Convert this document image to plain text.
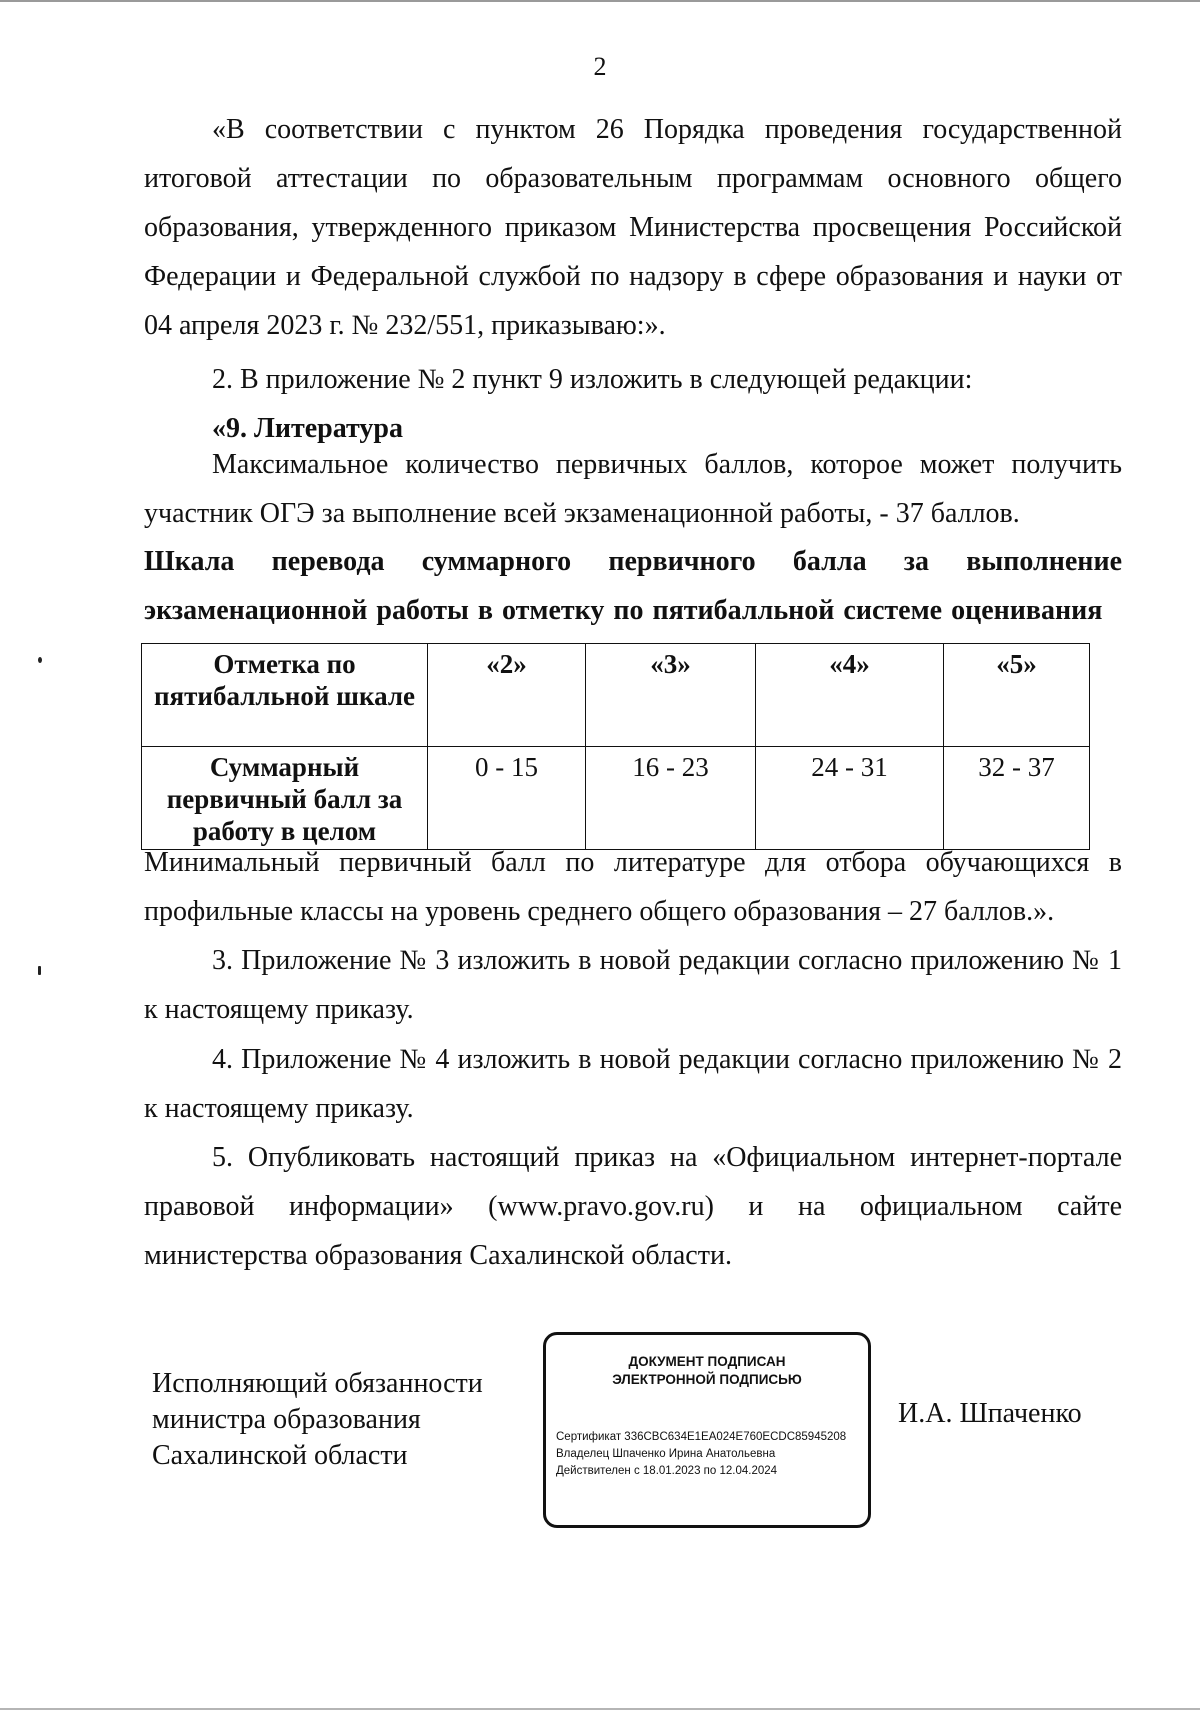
2

«В соответствии с пунктом 26 Порядка проведения государственной итоговой аттестации по образовательным программам основного общего образования, утвержденного приказом Министерства просвещения Российской Федерации и Федеральной службой по надзору в сфере образования и науки от 04 апреля 2023 г. № 232/551, приказываю:».

2. В приложение № 2 пункт 9 изложить в следующей редакции:

«9. Литература

Максимальное количество первичных баллов, которое может получить участник ОГЭ за выполнение всей экзаменационной работы, - 37 баллов.

Шкала перевода суммарного первичного балла за выполнение экзаменационной работы в отметку по пятибалльной системе оценивания

Отметка по пятибалльной шкале	«2»	«3»	«4»	«5»
Суммарный первичный балл за работу в целом	0 - 15	16 - 23	24 - 31	32 - 37

Минимальный первичный балл по литературе для отбора обучающихся в профильные классы на уровень среднего общего образования – 27 баллов.».

3. Приложение № 3 изложить в новой редакции согласно приложению № 1 к настоящему приказу.

4. Приложение № 4 изложить в новой редакции согласно приложению № 2 к настоящему приказу.

5. Опубликовать настоящий приказ на «Официальном интернет-портале правовой информации» (www.pravo.gov.ru) и на официальном сайте министерства образования Сахалинской области.

Исполняющий обязанности
министра образования
Сахалинской области
ДОКУМЕНТ ПОДПИСАН
ЭЛЕКТРОННОЙ ПОДПИСЬЮ
Сертификат 336CBC634E1EA024E760ECDC85945208
Владелец Шпаченко Ирина Анатольевна
Действителен с 18.01.2023 по 12.04.2024
И.А. Шпаченко
